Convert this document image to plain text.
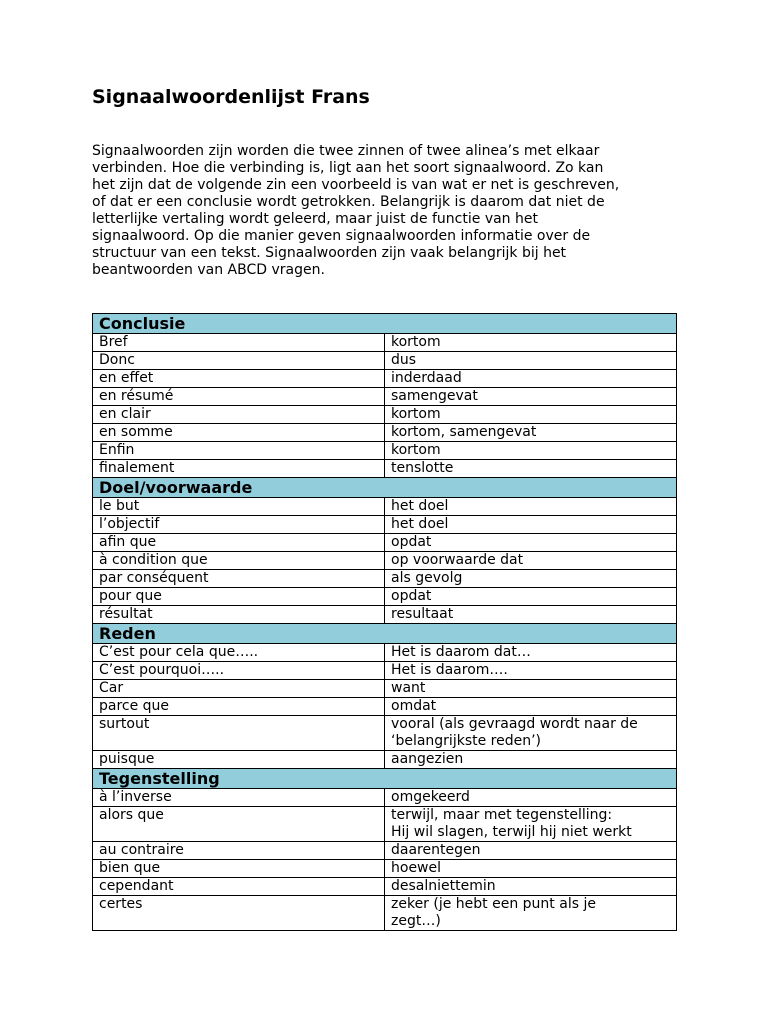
Signaalwoordenlijst Frans

Signaalwoorden zijn worden die twee zinnen of twee alinea’s met elkaar
verbinden. Hoe die verbinding is, ligt aan het soort signaalwoord. Zo kan
het zijn dat de volgende zin een voorbeeld is van wat er net is geschreven,
of dat er een conclusie wordt getrokken. Belangrijk is daarom dat niet de
letterlijke vertaling wordt geleerd, maar juist de functie van het
signaalwoord. Op die manier geven signaalwoorden informatie over de
structuur van een tekst. Signaalwoorden zijn vaak belangrijk bij het
beantwoorden van ABCD vragen.

Conclusie	
Bref	kortom
Donc	dus
en effet	inderdaad
en résumé	samengevat
en clair	kortom
en somme	kortom, samengevat
Enfin	kortom
finalement	tenslotte
Doel/voorwaarde	
le but	het doel
l’objectif	het doel
afin que	opdat
à condition que	op voorwaarde dat
par conséquent	als gevolg
pour que	opdat
résultat	resultaat
Reden	
C’est pour cela que…..	Het is daarom dat…
C’est pourquoi…..	Het is daarom….
Car	want
parce que	omdat
surtout	vooral (als gevraagd wordt naar de
‘belangrijkste reden’)
puisque	aangezien
Tegenstelling	
à l’inverse	omgekeerd
alors que	terwijl, maar met tegenstelling:
Hij wil slagen, terwijl hij niet werkt
au contraire	daarentegen
bien que	hoewel
cependant	desalniettemin
certes	zeker (je hebt een punt als je
zegt…)
